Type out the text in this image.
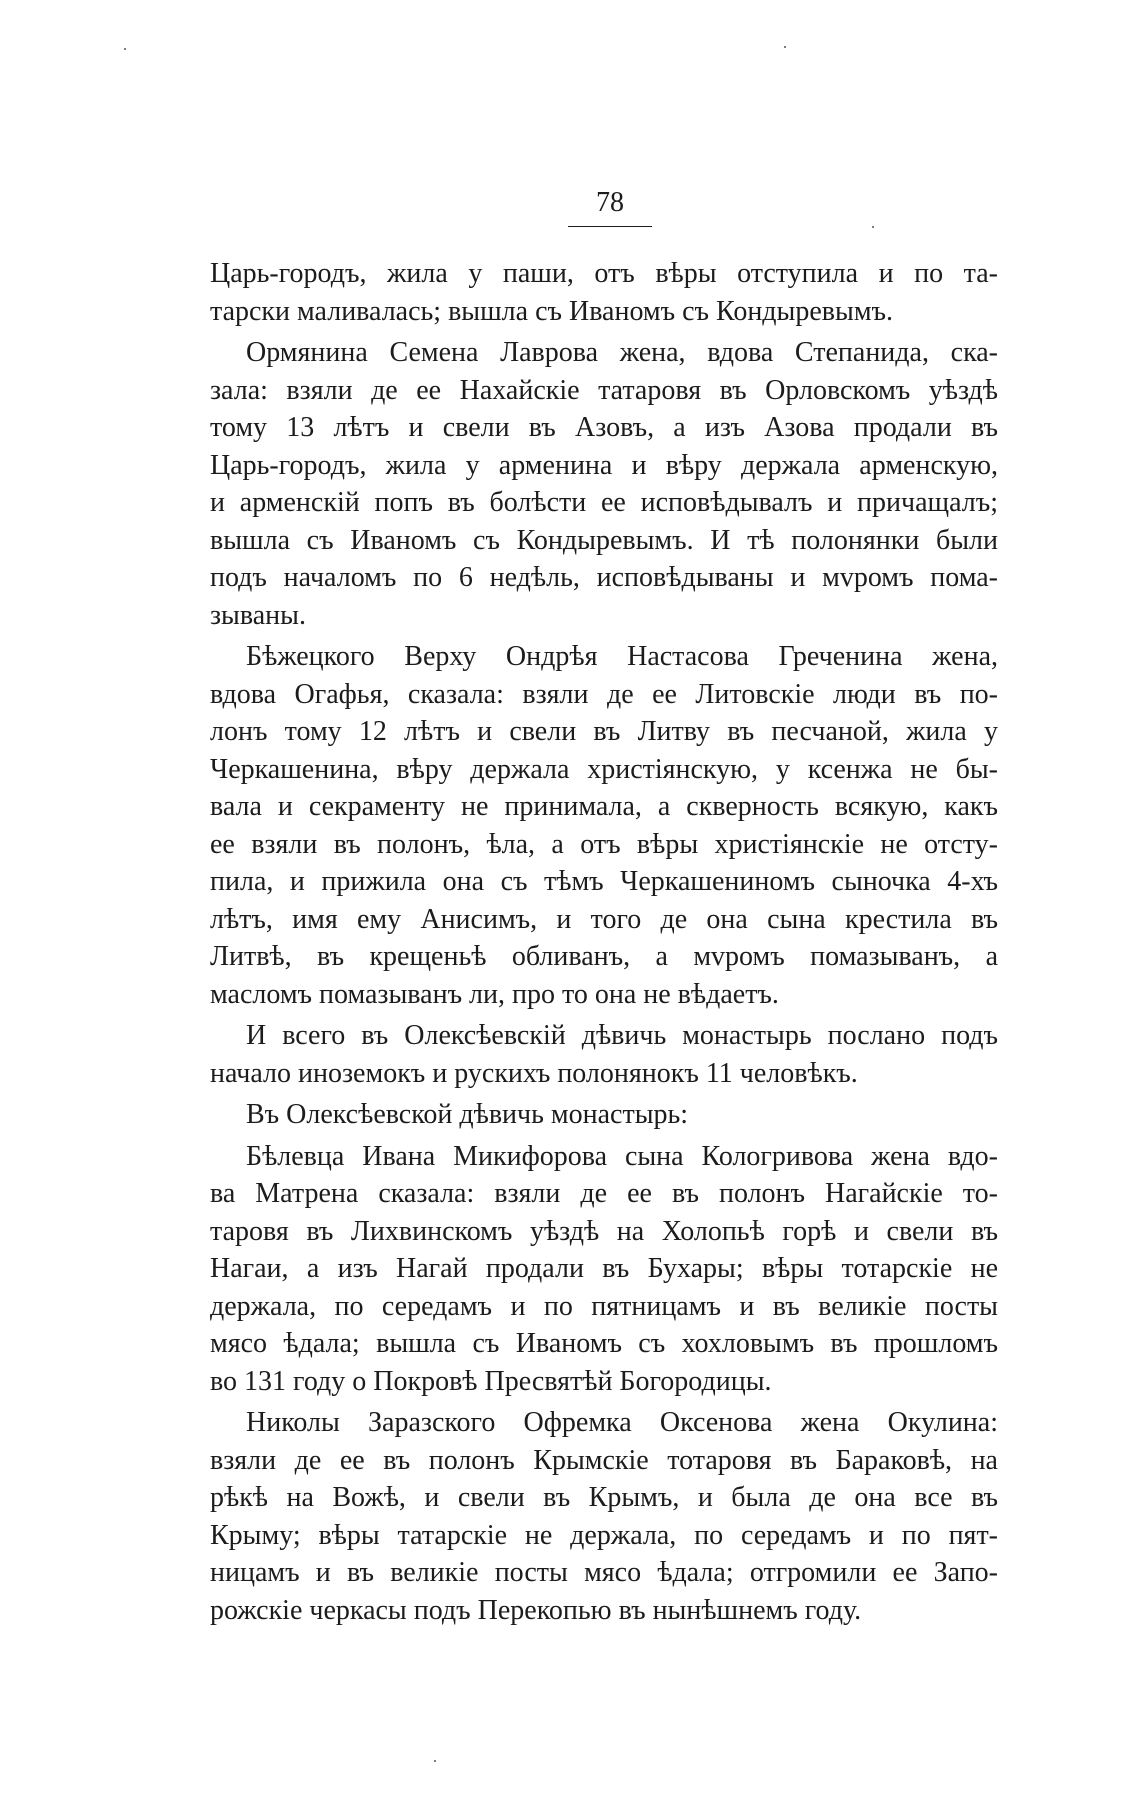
78
Царь-городъ, жила у паши, отъ вѣры отступила и по та-
тарски маливалась; вышла съ Иваномъ съ Кондыревымъ.
Ормянина Семена Лаврова жена, вдова Степанида, ска-
зала: взяли де ее Нахайскіе татаровя въ Орловскомъ уѣздѣ
тому 13 лѣтъ и свели въ Азовъ, а изъ Азова продали въ
Царь-городъ, жила у арменина и вѣру держала арменскую,
и арменскій попъ въ болѣсти ее исповѣдывалъ и причащалъ;
вышла съ Иваномъ съ Кондыревымъ. И тѣ полонянки были
подъ началомъ по 6 недѣль, исповѣдываны и мvромъ пома-
зываны.
Бѣжецкого Верху Ондрѣя Настасова Греченина жена,
вдова Огафья, сказала: взяли де ее Литовскіе люди въ по-
лонъ тому 12 лѣтъ и свели въ Литву въ песчаной, жила у
Черкашенина, вѣру держала христіянскую, у ксенжа не бы-
вала и секраменту не принимала, а скверность всякую, какъ
ее взяли въ полонъ, ѣла, а отъ вѣры христіянскіе не отсту-
пила, и прижила она съ тѣмъ Черкашениномъ сыночка 4-хъ
лѣтъ, имя ему Анисимъ, и того де она сына крестила въ
Литвѣ, въ крещеньѣ обливанъ, а мvромъ помазыванъ, а
масломъ помазыванъ ли, про то она не вѣдаетъ.
И всего въ Олексѣевскій дѣвичь монастырь послано подъ
начало иноземокъ и рускихъ полонянокъ 11 человѣкъ.
Въ Олексѣевской дѣвичь монастырь:
Бѣлевца Ивана Микифорова сына Кологривова жена вдо-
ва Матрена сказала: взяли де ее въ полонъ Нагайскіе то-
таровя въ Лихвинскомъ уѣздѣ на Холопьѣ горѣ и свели въ
Нагаи, а изъ Нагай продали въ Бухары; вѣры тотарскіе не
держала, по середамъ и по пятницамъ и въ великіе посты
мясо ѣдала; вышла съ Иваномъ съ хохловымъ въ прошломъ
во 131 году о Покровѣ Пресвятѣй Богородицы.
Николы Заразского Офремка Оксенова жена Окулина:
взяли де ее въ полонъ Крымскіе тотаровя въ Бараковѣ, на
рѣкѣ на Вожѣ, и свели въ Крымъ, и была де она все въ
Крыму; вѣры татарскіе не держала, по середамъ и по пят-
ницамъ и въ великіе посты мясо ѣдала; отгромили ее Запо-
рожскіе черкасы подъ Перекопью въ нынѣшнемъ году.
